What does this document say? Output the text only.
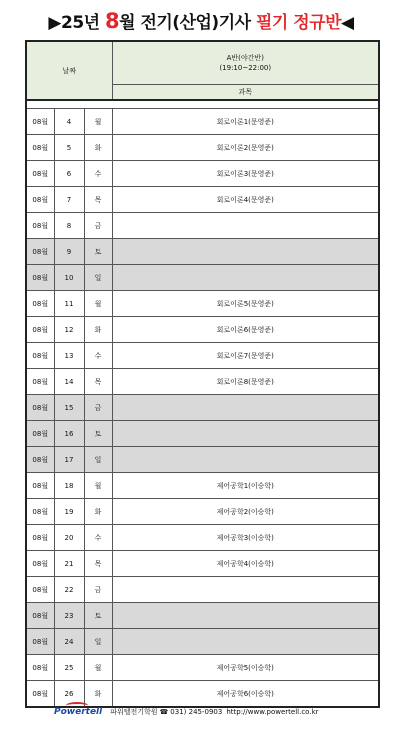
▶25년 8월 전기(산업)기사 필기 정규반◀
날짜			A반(야간반)
(19:10~22:00)

			과목

08월	4	월	회로이론1(문영준)
08월	5	화	회로이론2(문영준)
08월	6	수	회로이론3(문영준)
08월	7	목	회로이론4(문영준)
08월	8	금	
08월	9	토	
08월	10	일	
08월	11	월	회로이론5(문영준)
08월	12	화	회로이론6(문영준)
08월	13	수	회로이론7(문영준)
08월	14	목	회로이론8(문영준)
08월	15	금	
08월	16	토	
08월	17	일	
08월	18	월	제어공학1(이승학)
08월	19	화	제어공학2(이승학)
08월	20	수	제어공학3(이승학)
08월	21	목	제어공학4(이승학)
08월	22	금	
08월	23	토	
08월	24	일	
08월	25	월	제어공학5(이승학)
08월	26	화	제어공학6(이승학)
Powertell 파워텔전기학원 ☎ 031) 245-0903 http://www.powertell.co.kr
